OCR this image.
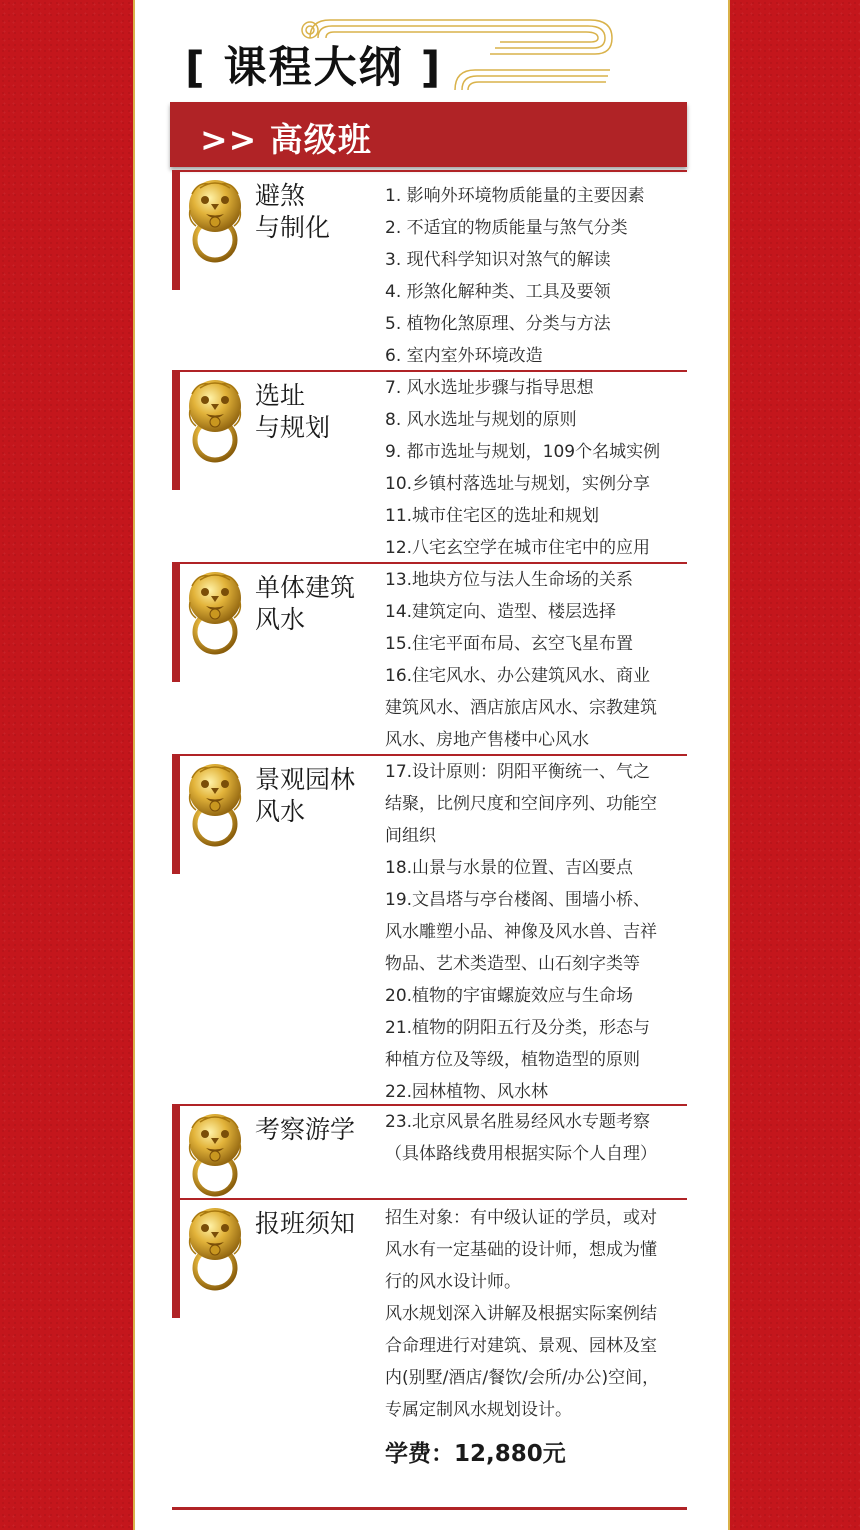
[ 课程大纲 ]
>> 高级班
避煞
与制化
1. 影响外环境物质能量的主要因素
2. 不适宜的物质能量与煞气分类
3. 现代科学知识对煞气的解读
4. 形煞化解种类、工具及要领
5. 植物化煞原理、分类与方法
6. 室内室外环境改造
选址
与规划
7. 风水选址步骤与指导思想
8. 风水选址与规划的原则
9. 都市选址与规划，109个名城实例
10.乡镇村落选址与规划，实例分享
11.城市住宅区的选址和规划
12.八宅玄空学在城市住宅中的应用
单体建筑
风水
13.地块方位与法人生命场的关系
14.建筑定向、造型、楼层选择
15.住宅平面布局、玄空飞星布置
16.住宅风水、办公建筑风水、商业
建筑风水、酒店旅店风水、宗教建筑
风水、房地产售楼中心风水
景观园林
风水
17.设计原则：阴阳平衡统一、气之
结聚，比例尺度和空间序列、功能空
间组织
18.山景与水景的位置、吉凶要点
19.文昌塔与亭台楼阁、围墙小桥、
风水雕塑小品、神像及风水兽、吉祥
物品、艺术类造型、山石刻字类等
20.植物的宇宙螺旋效应与生命场
21.植物的阴阳五行及分类，形态与
种植方位及等级，植物造型的原则
22.园林植物、风水林
考察游学	23.北京风景名胜易经风水专题考察
（具体路线费用根据实际个人自理）
报班须知	招生对象：有中级认证的学员，或对
风水有一定基础的设计师，想成为懂
行的风水设计师。
风水规划深入讲解及根据实际案例结
合命理进行对建筑、景观、园林及室
内(别墅/酒店/餐饮/会所/办公)空间，
专属定制风水规划设计。
学费：12,880元
